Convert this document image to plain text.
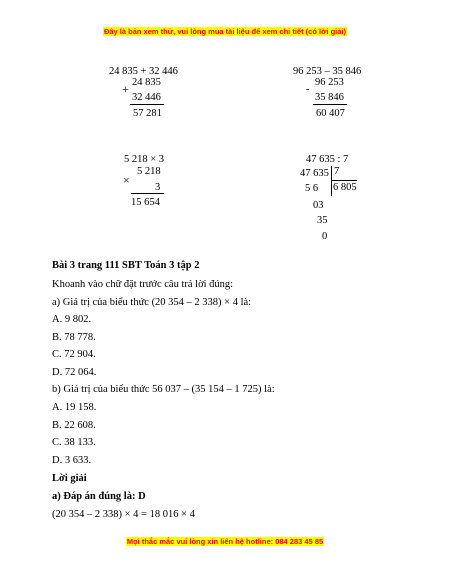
Đây là bản xem thử, vui lòng mua tài liệu để xem chi tiết (có lời giải)
24 835 + 32 446
+ 24 835
32 446
57 281
96 253 – 35 846
-
96 253
35 846
60 407
5 218 × 3
×
5 218
3
15 654
47 635 : 7
47 635 7
6 805
5 6
03
35
0
Bài 3 trang 111 SBT Toán 3 tập 2
Khoanh vào chữ đặt trước câu trả lời đúng:
a) Giá trị của biểu thức (20 354 – 2 338) × 4 là:
A. 9 802.
B. 78 778.
C. 72 904.
D. 72 064.
b) Giá trị của biểu thức 56 037 – (35 154 – 1 725) là:
A. 19 158.
B. 22 608.
C. 38 133.
D. 3 633.
Lời giải
a) Đáp án đúng là: D
(20 354 – 2 338) × 4 = 18 016 × 4
Mọi thắc mắc vui lòng xin liên hệ hotline: 084 283 45 85
